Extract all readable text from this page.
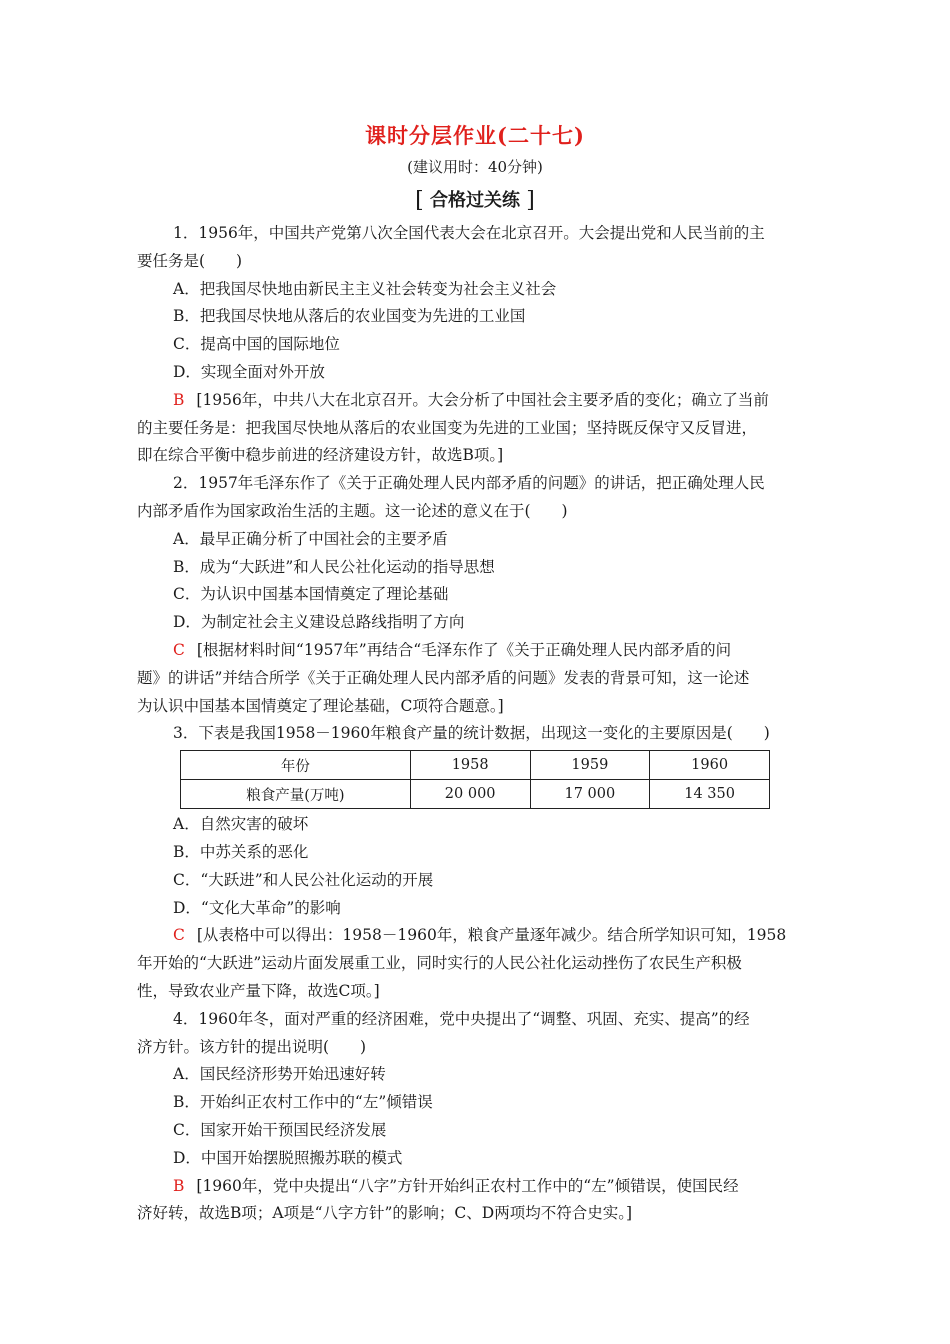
课时分层作业(二十七)
(建议用时：40分钟)
[ 合格过关练 ]
1．1956年，中国共产党第八次全国代表大会在北京召开。大会提出党和人民当前的主
要任务是(　　)
A．把我国尽快地由新民主主义社会转变为社会主义社会
B．把我国尽快地从落后的农业国变为先进的工业国
C．提高中国的国际地位
D．实现全面对外开放
B [1956年，中共八大在北京召开。大会分析了中国社会主要矛盾的变化；确立了当前
的主要任务是：把我国尽快地从落后的农业国变为先进的工业国；坚持既反保守又反冒进，
即在综合平衡中稳步前进的经济建设方针，故选B项。]
2．1957年毛泽东作了《关于正确处理人民内部矛盾的问题》的讲话，把正确处理人民
内部矛盾作为国家政治生活的主题。这一论述的意义在于(　　)
A．最早正确分析了中国社会的主要矛盾
B．成为“大跃进”和人民公社化运动的指导思想
C．为认识中国基本国情奠定了理论基础
D．为制定社会主义建设总路线指明了方向
C [根据材料时间“1957年”再结合“毛泽东作了《关于正确处理人民内部矛盾的问
题》的讲话”并结合所学《关于正确处理人民内部矛盾的问题》发表的背景可知，这一论述
为认识中国基本国情奠定了理论基础，C项符合题意。]
3．下表是我国1958－1960年粮食产量的统计数据，出现这一变化的主要原因是(　　)
年份	1958	1959	1960
粮食产量(万吨)	20 000	17 000	14 350
A．自然灾害的破坏
B．中苏关系的恶化
C．“大跃进”和人民公社化运动的开展
D．“文化大革命”的影响
C [从表格中可以得出：1958－1960年，粮食产量逐年减少。结合所学知识可知，1958
年开始的“大跃进”运动片面发展重工业，同时实行的人民公社化运动挫伤了农民生产积极
性，导致农业产量下降，故选C项。]
4．1960年冬，面对严重的经济困难，党中央提出了“调整、巩固、充实、提高”的经
济方针。该方针的提出说明(　　)
A．国民经济形势开始迅速好转
B．开始纠正农村工作中的“左”倾错误
C．国家开始干预国民经济发展
D．中国开始摆脱照搬苏联的模式
B [1960年，党中央提出“八字”方针开始纠正农村工作中的“左”倾错误，使国民经
济好转，故选B项；A项是“八字方针”的影响；C、D两项均不符合史实。]
